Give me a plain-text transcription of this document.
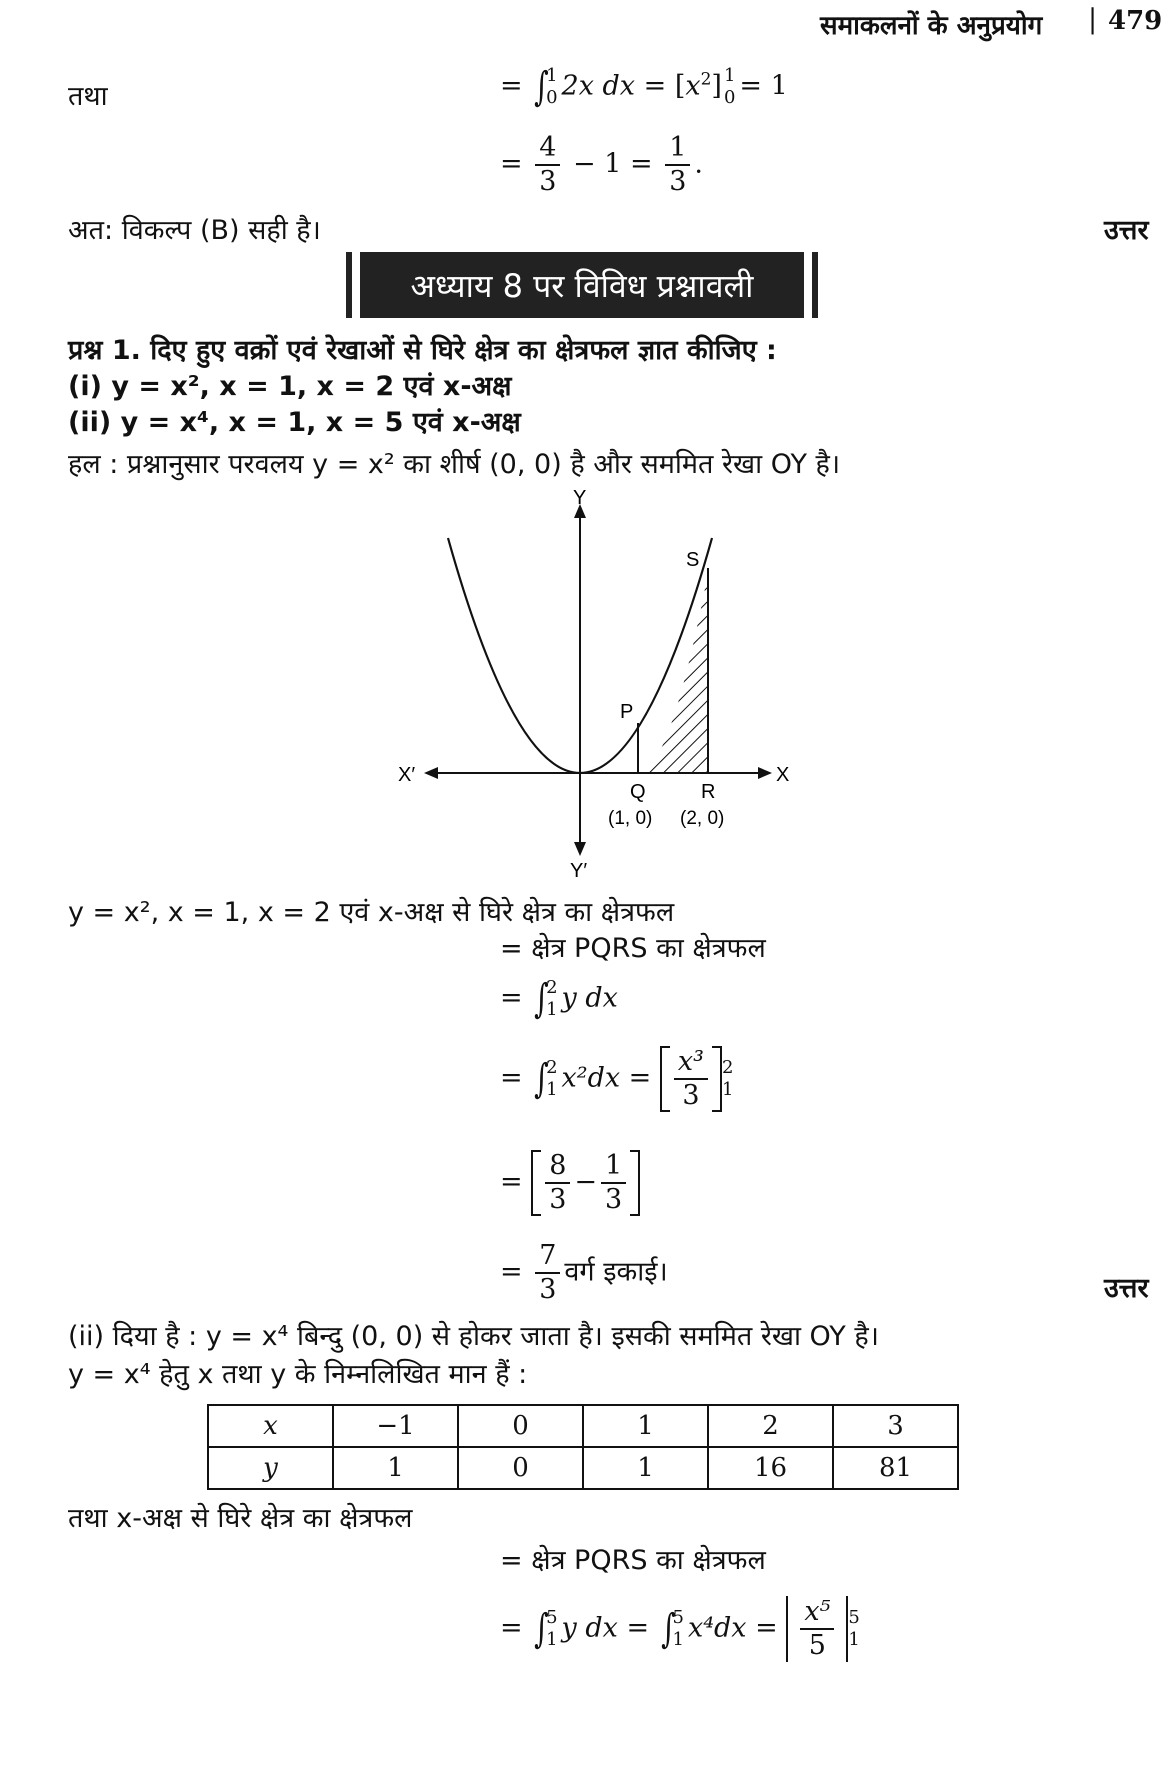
समाकलनों के अनुप्रयोग | 479
तथा	= ∫
1
0 2x dx = $[x^2]$ 1
0 = 1
= $\frac{4}{3} - 1 = \frac{1}{3}$ .
अत: विकल्प (B) सही है।	उत्तर
अध्याय 8 पर विविध प्रश्नावली
प्रश्न 1. दिए हुए वक्रों एवं रेखाओं से घिरे क्षेत्र का क्षेत्रफल ज्ञात कीजिए :
(i) y = x², x = 1, x = 2 एवं x-अक्ष
(ii) y = x⁴, x = 1, x = 5 एवं x-अक्ष
हल : प्रश्नानुसार परवलय y = x² का शीर्ष (0, 0) है और सममित रेखा OY है।
Y
Y′
X
X′
S
P
Q	R
(1, 0) (2, 0)
y = x², x = 1, x = 2 एवं x-अक्ष से घिरे क्षेत्र का क्षेत्रफल
= क्षेत्र PQRS का क्षेत्रफल
= ∫
2
1 y dx
= ∫
2
1 $x^2dx = \frac{\text{x³}}{3} 2$
1
= $\frac{8}{3} - \frac{1}{3}$
= $\frac{7}{3}$ वर्ग इकाई।
उत्तर
(ii) दिया है : y = x⁴ बिन्दु (0, 0) से होकर जाता है। इसकी सममित रेखा OY है।
y = x⁴ हेतु x तथा y के निम्नलिखित मान हैं :
x	−1	0	1	2	3
y	1	0	1	16	81
तथा x-अक्ष से घिरे क्षेत्र का क्षेत्रफल
= क्षेत्र PQRS का क्षेत्रफल
= ∫
5
1 y dx = ∫
5
1 $x^4dx = \frac{\text{x⁵}}{5} 5$
1
